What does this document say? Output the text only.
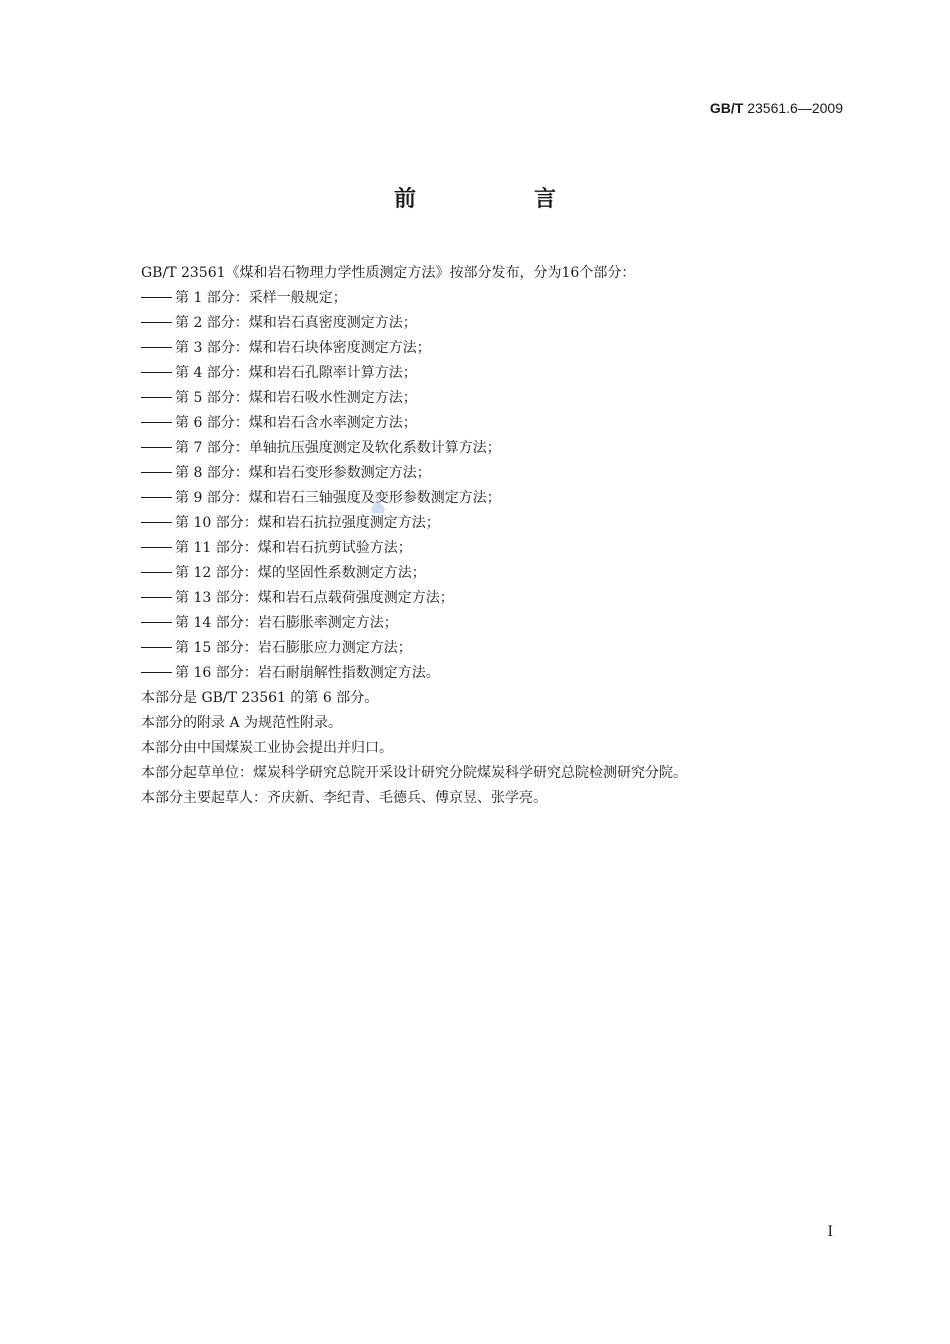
GB/T 23561.6—2009
前　言
GB/T 23561《煤和岩石物理力学性质测定方法》按部分发布，分为16个部分：
第 1 部分：采样一般规定；
第 2 部分：煤和岩石真密度测定方法；
第 3 部分：煤和岩石块体密度测定方法；
第 4 部分：煤和岩石孔隙率计算方法；
第 5 部分：煤和岩石吸水性测定方法；
第 6 部分：煤和岩石含水率测定方法；
第 7 部分：单轴抗压强度测定及软化系数计算方法；
第 8 部分：煤和岩石变形参数测定方法；
第 9 部分：煤和岩石三轴强度及变形参数测定方法；
第 10 部分：煤和岩石抗拉强度测定方法；
第 11 部分：煤和岩石抗剪试验方法；
第 12 部分：煤的坚固性系数测定方法；
第 13 部分：煤和岩石点载荷强度测定方法；
第 14 部分：岩石膨胀率测定方法；
第 15 部分：岩石膨胀应力测定方法；
第 16 部分：岩石耐崩解性指数测定方法。
本部分是 GB/T 23561 的第 6 部分。
本部分的附录 A 为规范性附录。
本部分由中国煤炭工业协会提出并归口。
本部分起草单位：煤炭科学研究总院开采设计研究分院煤炭科学研究总院检测研究分院。
本部分主要起草人：齐庆新、李纪青、毛德兵、傅京昱、张学亮。
I
